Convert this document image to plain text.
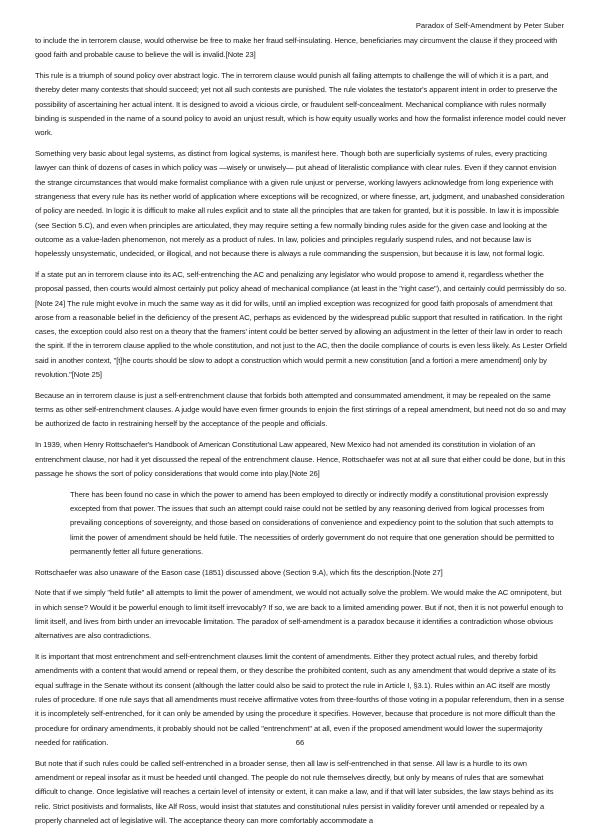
Paradox of Self-Amendment by Peter Suber

to include the in terrorem clause, would otherwise be free to make her fraud self-insulating. Hence, beneficiaries may circumvent the clause if they proceed with good faith and probable cause to believe the will is invalid.[Note 23]

This rule is a triumph of sound policy over abstract logic. The in terrorem clause would punish all failing attempts to challenge the will of which it is a part, and thereby deter many contests that should succeed; yet not all such contests are punished. The rule violates the testator's apparent intent in order to preserve the possibility of ascertaining her actual intent. It is designed to avoid a vicious circle, or fraudulent self-concealment. Mechanical compliance with rules normally binding is suspended in the name of a sound policy to avoid an unjust result, which is how equity usually works and how the formalist inference model could never work.

Something very basic about legal systems, as distinct from logical systems, is manifest here. Though both are superficially systems of rules, every practicing lawyer can think of dozens of cases in which policy was —wisely or unwisely— put ahead of literalistic compliance with clear rules. Even if they cannot envision the strange circumstances that would make formalist compliance with a given rule unjust or perverse, working lawyers acknowledge from long experience with strangeness that every rule has its nether world of application where exceptions will be recognized, or where finesse, art, judgment, and unabashed consideration of policy are needed. In logic it is difficult to make all rules explicit and to state all the principles that are taken for granted, but it is possible. In law it is impossible (see Section 5.C), and even when principles are articulated, they may require setting a few normally binding rules aside for the given case and looking at the outcome as a value-laden phenomenon, not merely as a product of rules. In law, policies and principles regularly suspend rules, and not because law is hopelessly unsystematic, undecided, or illogical, and not because there is always a rule commanding the suspension, but because it is law, not formal logic.

If a state put an in terrorem clause into its AC, self-entrenching the AC and penalizing any legislator who would propose to amend it, regardless whether the proposal passed, then courts would almost certainly put policy ahead of mechanical compliance (at least in the "right case"), and certainly could permissibly do so.[Note 24] The rule might evolve in much the same way as it did for wills, until an implied exception was recognized for good faith proposals of amendment that arose from a reasonable belief in the deficiency of the present AC, perhaps as evidenced by the widespread public support that resulted in ratification. In the right cases, the exception could also rest on a theory that the framers' intent could be better served by allowing an adjustment in the letter of their law in order to reach the spirit. If the in terrorem clause applied to the whole constitution, and not just to the AC, then the docile compliance of courts is even less likely. As Lester Orfield said in another context, "[t]he courts should be slow to adopt a construction which would permit a new constitution [and a fortiori a mere amendment] only by revolution."[Note 25]

Because an in terrorem clause is just a self-entrenchment clause that forbids both attempted and consummated amendment, it may be repealed on the same terms as other self-entrenchment clauses. A judge would have even firmer grounds to enjoin the first stirrings of a repeal amendment, but need not do so and may be authorized de facto in restraining herself by the acceptance of the people and officials.

In 1939, when Henry Rottschaefer's Handbook of American Constitutional Law appeared, New Mexico had not amended its constitution in violation of an entrenchment clause, nor had it yet discussed the repeal of the entrenchment clause. Hence, Rottschaefer was not at all sure that either could be done, but in this passage he shows the sort of policy considerations that would come into play.[Note 26]

There has been found no case in which the power to amend has been employed to directly or indirectly modify a constitutional provision expressly excepted from that power. The issues that such an attempt could raise could not be settled by any reasoning derived from logical processes from prevailing conceptions of sovereignty, and those based on considerations of convenience and expediency point to the solution that such attempts to limit the power of amendment should be held futile. The necessities of orderly government do not require that one generation should be permitted to permanently fetter all future generations.

Rottschaefer was also unaware of the Eason case (1851) discussed above (Section 9.A), which fits the description.[Note 27]

Note that if we simply "held futile" all attempts to limit the power of amendment, we would not actually solve the problem. We would make the AC omnipotent, but in which sense? Would it be powerful enough to limit itself irrevocably? If so, we are back to a limited amending power. But if not, then it is not powerful enough to limit itself, and lives from birth under an irrevocable limitation. The paradox of self-amendment is a paradox because it identifies a contradiction whose obvious alternatives are also contradictions.

It is important that most entrenchment and self-entrenchment clauses limit the content of amendments. Either they protect actual rules, and thereby forbid amendments with a content that would amend or repeal them, or they describe the prohibited content, such as any amendment that would deprive a state of its equal suffrage in the Senate without its consent (although the latter could also be said to protect the rule in Article I, §3.1). Rules within an AC itself are mostly rules of procedure. If one rule says that all amendments must receive affirmative votes from three-fourths of those voting in a popular referendum, then in a sense it is incompletely self-entrenched, for it can only be amended by using the procedure it specifies. However, because that procedure is not more difficult than the procedure for ordinary amendments, it probably should not be called "entrenchment" at all, even if the proposed amendment would lower the supermajority needed for ratification.

But note that if such rules could be called self-entrenched in a broader sense, then all law is self-entrenched in that sense. All law is a hurdle to its own amendment or repeal insofar as it must be heeded until changed. The people do not rule themselves directly, but only by means of rules that are somewhat difficult to change. Once legislative will reaches a certain level of intensity or extent, it can make a law, and if that will later subsides, the law stays behind as its relic. Strict positivists and formalists, like Alf Ross, would insist that statutes and constitutional rules persist in validity forever until amended or repealed by a properly channeled act of legislative will. The acceptance theory can more comfortably accommodate a

66
